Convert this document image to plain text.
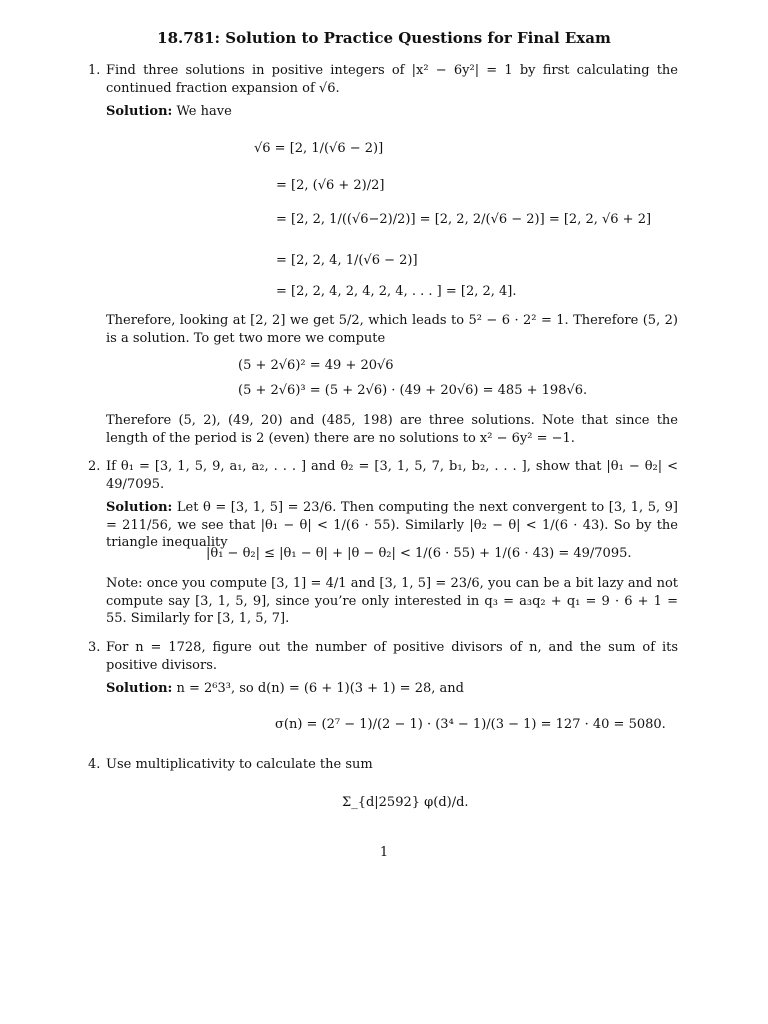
18.781: Solution to Practice Questions for Final Exam
1. Find three solutions in positive integers of |x² − 6y²| = 1 by first calculating the continued fraction expansion of √6.

Solution: We have
√6 = [2, 1/(√6 − 2)]
= [2, (√6 + 2)/2]
= [2, 2, 1/((√6−2)/2)] = [2, 2, 2/(√6 − 2)] = [2, 2, √6 + 2]
= [2, 2, 4, 1/(√6 − 2)]
= [2, 2, 4, 2, 4, 2, 4, . . . ] = [2, 2, 4].

Therefore, looking at [2, 2] we get 5/2, which leads to 5² − 6 · 2² = 1. Therefore (5, 2) is a solution. To get two more we compute

(5 + 2√6)² = 49 + 20√6
(5 + 2√6)³ = (5 + 2√6) · (49 + 20√6) = 485 + 198√6.

Therefore (5, 2), (49, 20) and (485, 198) are three solutions. Note that since the length of the period is 2 (even) there are no solutions to x² − 6y² = −1.

2. If θ₁ = [3, 1, 5, 9, a₁, a₂, . . . ] and θ₂ = [3, 1, 5, 7, b₁, b₂, . . . ], show that |θ₁ − θ₂| < 49/7095.

Solution: Let θ = [3, 1, 5] = 23/6. Then computing the next convergent to [3, 1, 5, 9] = 211/56, we see that |θ₁ − θ| < 1/(6 · 55). Similarly |θ₂ − θ| < 1/(6 · 43). So by the triangle inequality
|θ₁ − θ₂| ≤ |θ₁ − θ| + |θ − θ₂| < 1/(6 · 55) + 1/(6 · 43) = 49/7095.

Note: once you compute [3, 1] = 4/1 and [3, 1, 5] = 23/6, you can be a bit lazy and not compute say [3, 1, 5, 9], since you’re only interested in q₃ = a₃q₂ + q₁ = 9 · 6 + 1 = 55. Similarly for [3, 1, 5, 7].

3. For n = 1728, figure out the number of positive divisors of n, and the sum of its positive divisors.

Solution: n = 2⁶3³, so d(n) = (6 + 1)(3 + 1) = 28, and
σ(n) = (2⁷ − 1)/(2 − 1) · (3⁴ − 1)/(3 − 1) = 127 · 40 = 5080.
4. Use multiplicativity to calculate the sum

Σ_{d|2592} φ(d)/d.
1
